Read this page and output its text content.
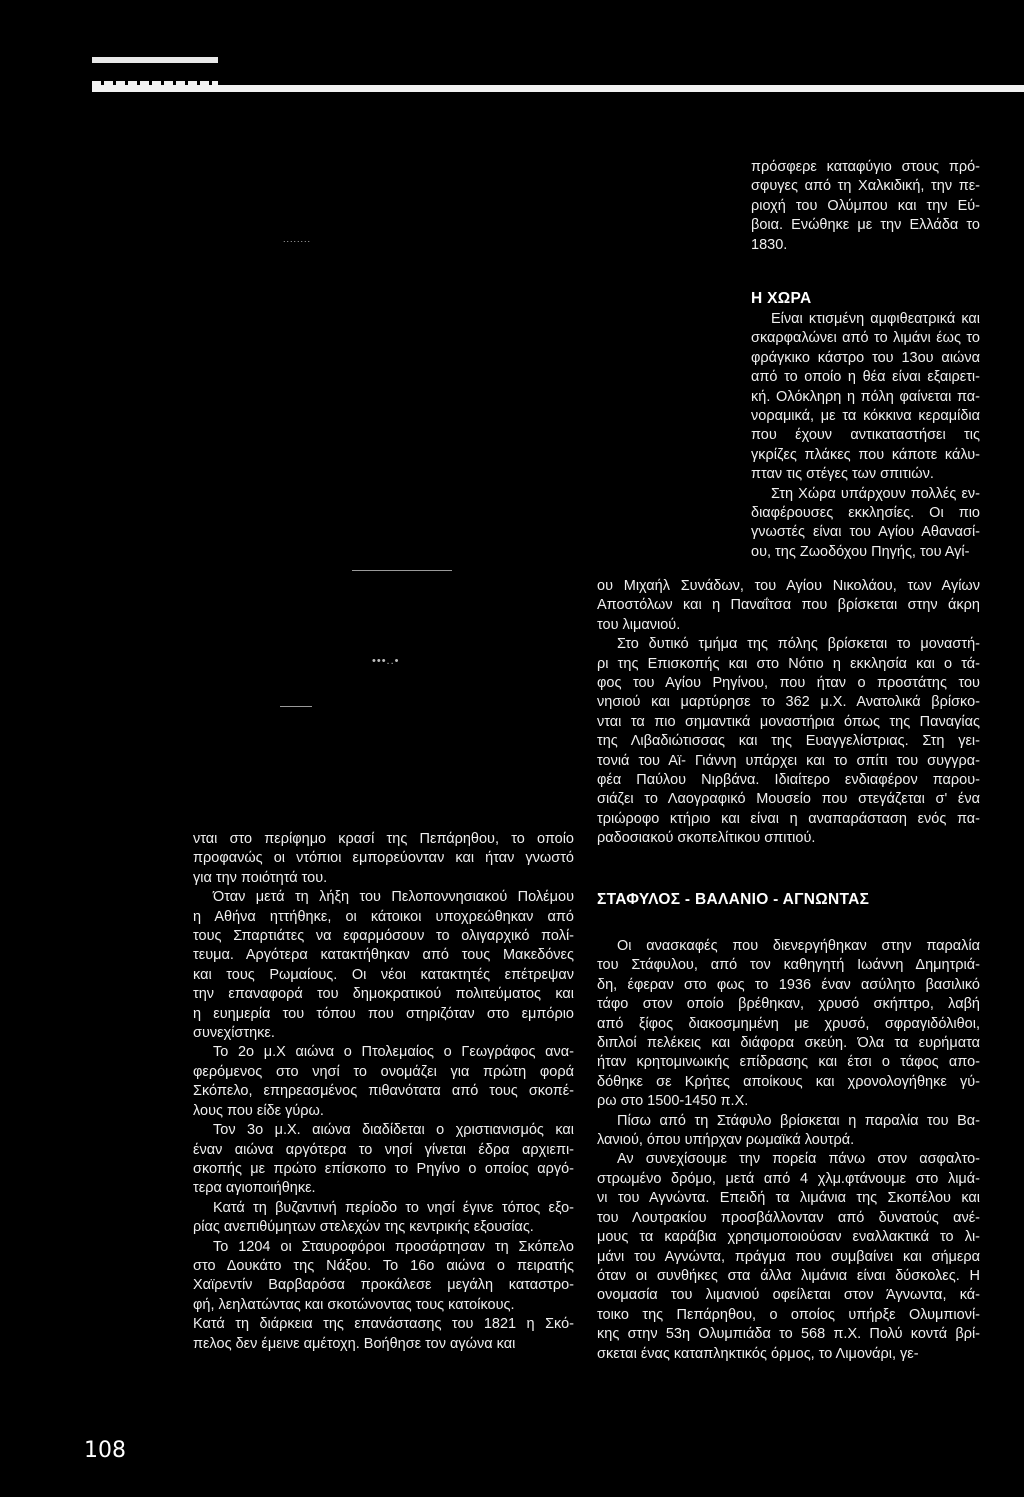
........
•••..•
πρόσφερε καταφύγιο στους πρό-
σφυγες από τη Χαλκιδική, την πε-
ριοχή του Ολύμπου και την Εύ-
βοια. Ενώθηκε με την Ελλάδα το
1830.
Η ΧΩΡΑ
Είναι κτισμένη αμφιθεατρικά και
σκαρφαλώνει από το λιμάνι έως το
φράγκικο κάστρο του 13ου αιώνα
από το οποίο η θέα είναι εξαιρετι-
κή. Ολόκληρη η πόλη φαίνεται πα-
νοραμικά, με τα κόκκινα κεραμίδια
που έχουν αντικαταστήσει τις
γκρίζες πλάκες που κάποτε κάλυ-
πταν τις στέγες των σπιτιών.
Στη Χώρα υπάρχουν πολλές εν-
διαφέρουσες εκκλησίες. Οι πιο
γνωστές είναι του Αγίου Αθανασί-
ου, της Ζωοδόχου Πηγής, του Αγί-
ου Μιχαήλ Συνάδων, του Αγίου Νικολάου, των Αγίων
Αποστόλων και η Παναΐτσα που βρίσκεται στην άκρη
του λιμανιού.
Στο δυτικό τμήμα της πόλης βρίσκεται το μοναστή-
ρι της Επισκοπής και στο Νότιο η εκκλησία και ο τά-
φος του Αγίου Ρηγίνου, που ήταν ο προστάτης του
νησιού και μαρτύρησε το 362 μ.Χ. Ανατολικά βρίσκο-
νται τα πιο σημαντικά μοναστήρια όπως της Παναγίας
της Λιβαδιώτισσας και της Ευαγγελίστριας. Στη γει-
τονιά του Αϊ- Γιάννη υπάρχει και το σπίτι του συγγρα-
φέα Παύλου Νιρβάνα. Ιδιαίτερο ενδιαφέρον παρου-
σιάζει το Λαογραφικό Μουσείο που στεγάζεται σ' ένα
τριώροφο κτήριο και είναι η αναπαράσταση ενός πα-
ραδοσιακού σκοπελίτικου σπιτιού.
ΣΤΑΦΥΛΟΣ - ΒΑΛΑΝΙΟ - ΑΓΝΩΝΤΑΣ
Οι ανασκαφές που διενεργήθηκαν στην παραλία
του Στάφυλου, από τον καθηγητή Ιωάννη Δημητριά-
δη, έφεραν στο φως το 1936 έναν ασύλητο βασιλικό
τάφο στον οποίο βρέθηκαν, χρυσό σκήπτρο, λαβή
από ξίφος διακοσμημένη με χρυσό, σφραγιδόλιθοι,
διπλοί πελέκεις και διάφορα σκεύη. Όλα τα ευρήματα
ήταν κρητομινωικής επίδρασης και έτσι ο τάφος απο-
δόθηκε σε Κρήτες αποίκους και χρονολογήθηκε γύ-
ρω στο 1500-1450 π.Χ.
Πίσω από τη Στάφυλο βρίσκεται η παραλία του Βα-
λανιού, όπου υπήρχαν ρωμαϊκά λουτρά.
Αν συνεχίσουμε την πορεία πάνω στον ασφαλτο-
στρωμένο δρόμο, μετά από 4 χλμ.φτάνουμε στο λιμά-
νι του Αγνώντα. Επειδή τα λιμάνια της Σκοπέλου και
του Λουτρακίου προσβάλλονταν από δυνατούς ανέ-
μους τα καράβια χρησιμοποιούσαν εναλλακτικά το λι-
μάνι του Αγνώντα, πράγμα που συμβαίνει και σήμερα
όταν οι συνθήκες στα άλλα λιμάνια είναι δύσκολες. Η
ονομασία του λιμανιού οφείλεται στον Άγνωντα, κά-
τοικο της Πεπάρηθου, ο οποίος υπήρξε Ολυμπιονί-
κης στην 53η Ολυμπιάδα το 568 π.Χ. Πολύ κοντά βρί-
σκεται ένας καταπληκτικός όρμος, το Λιμονάρι, γε-
νται στο περίφημο κρασί της Πεπάρηθου, το οποίο
προφανώς οι ντόπιοι εμπορεύονταν και ήταν γνωστό
για την ποιότητά του.
Όταν μετά τη λήξη του Πελοποννησιακού Πολέμου
η Αθήνα ηττήθηκε, οι κάτοικοι υποχρεώθηκαν από
τους Σπαρτιάτες να εφαρμόσουν το ολιγαρχικό πολί-
τευμα. Αργότερα κατακτήθηκαν από τους Μακεδόνες
και τους Ρωμαίους. Οι νέοι κατακτητές επέτρεψαν
την επαναφορά του δημοκρατικού πολιτεύματος και
η ευημερία του τόπου που στηριζόταν στο εμπόριο
συνεχίστηκε.
Το 2ο μ.Χ αιώνα ο Πτολεμαίος ο Γεωγράφος ανα-
φερόμενος στο νησί το ονομάζει για πρώτη φορά
Σκόπελο, επηρεασμένος πιθανότατα από τους σκοπέ-
λους που είδε γύρω.
Τον 3ο μ.Χ. αιώνα διαδίδεται ο χριστιανισμός και
έναν αιώνα αργότερα το νησί γίνεται έδρα αρχιεπι-
σκοπής με πρώτο επίσκοπο το Ρηγίνο ο οποίος αργό-
τερα αγιοποιήθηκε.
Κατά τη βυζαντινή περίοδο το νησί έγινε τόπος εξο-
ρίας ανεπιθύμητων στελεχών της κεντρικής εξουσίας.
Το 1204 οι Σταυροφόροι προσάρτησαν τη Σκόπελο
στο Δουκάτο της Νάξου. Το 16ο αιώνα ο πειρατής
Χαϊρεντίν Βαρβαρόσα προκάλεσε μεγάλη καταστρο-
φή, λεηλατώντας και σκοτώνοντας τους κατοίκους.
Κατά τη διάρκεια της επανάστασης του 1821 η Σκό-
πελος δεν έμεινε αμέτοχη. Βοήθησε τον αγώνα και
108
